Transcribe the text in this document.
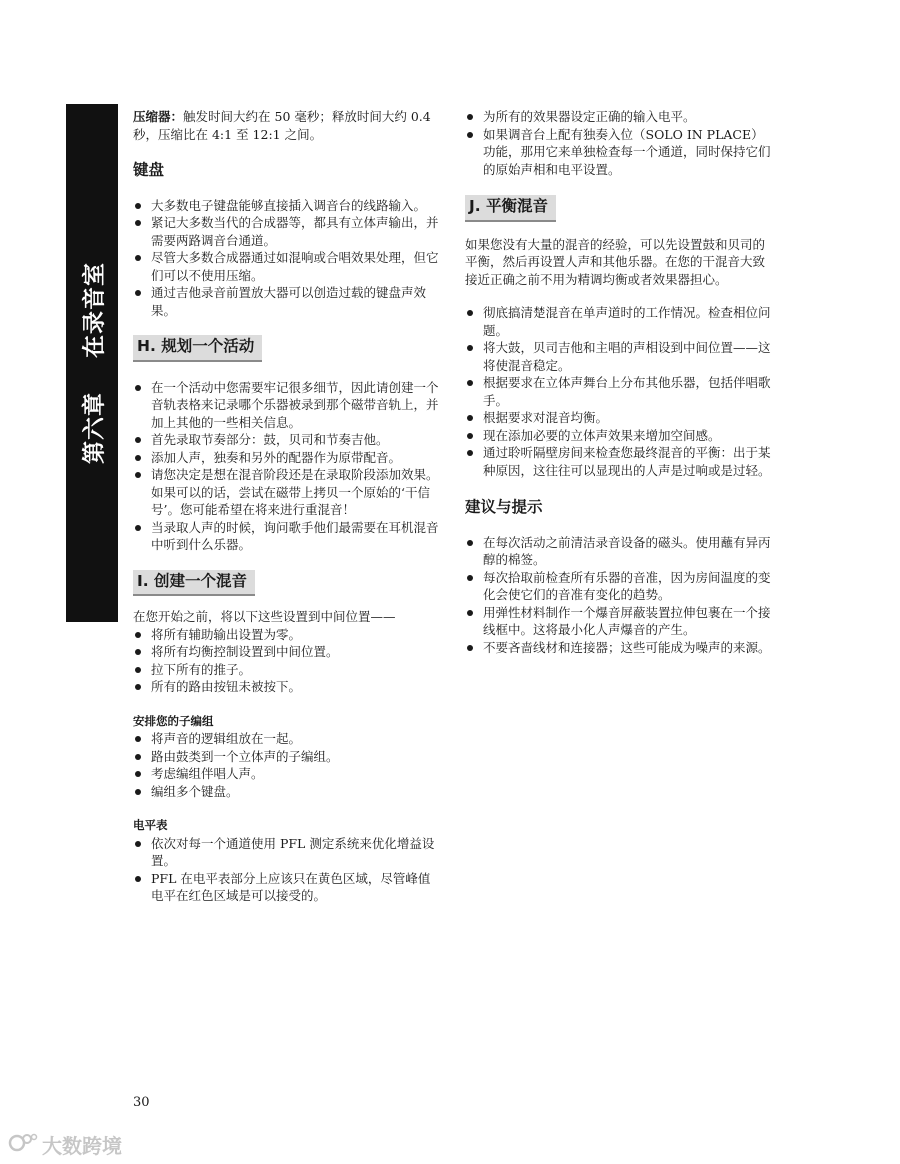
第六章在录音室

压缩器：触发时间大约在 50 毫秒；释放时间大约 0.4 秒，压缩比在 4:1 至 12:1 之间。

键盘
大多数电子键盘能够直接插入调音台的线路输入。
紧记大多数当代的合成器等，都具有立体声输出，并需要两路调音台通道。
尽管大多数合成器通过如混响或合唱效果处理，但它们可以不使用压缩。
通过吉他录音前置放大器可以创造过载的键盘声效果。
H. 规划一个活动
在一个活动中您需要牢记很多细节，因此请创建一个音轨表格来记录哪个乐器被录到那个磁带音轨上，并加上其他的一些相关信息。
首先录取节奏部分：鼓，贝司和节奏吉他。
添加人声，独奏和另外的配器作为原带配音。
请您决定是想在混音阶段还是在录取阶段添加效果。如果可以的话，尝试在磁带上拷贝一个原始的‘干信号’。您可能希望在将来进行重混音！
当录取人声的时候，询问歌手他们最需要在耳机混音中听到什么乐器。
I. 创建一个混音

在您开始之前，将以下这些设置到中间位置——

将所有辅助输出设置为零。
将所有均衡控制设置到中间位置。
拉下所有的推子。
所有的路由按钮未被按下。
安排您的子编组
将声音的逻辑组放在一起。
路由鼓类到一个立体声的子编组。
考虑编组伴唱人声。
编组多个键盘。
电平表
依次对每一个通道使用 PFL 测定系统来优化增益设置。
PFL 在电平表部分上应该只在黄色区域，尽管峰值电平在红色区域是可以接受的。
为所有的效果器设定正确的输入电平。
如果调音台上配有独奏入位（SOLO IN PLACE）功能，那用它来单独检查每一个通道，同时保持它们的原始声相和电平设置。
J. 平衡混音

如果您没有大量的混音的经验，可以先设置鼓和贝司的平衡，然后再设置人声和其他乐器。在您的干混音大致接近正确之前不用为精调均衡或者效果器担心。

彻底搞清楚混音在单声道时的工作情况。检查相位问题。
将大鼓，贝司吉他和主唱的声相设到中间位置——这将使混音稳定。
根据要求在立体声舞台上分布其他乐器，包括伴唱歌手。
根据要求对混音均衡。
现在添加必要的立体声效果来增加空间感。
通过聆听隔壁房间来检查您最终混音的平衡：出于某种原因，这往往可以显现出的人声是过响或是过轻。
建议与提示
在每次活动之前清洁录音设备的磁头。使用蘸有异丙醇的棉签。
每次拾取前检查所有乐器的音准，因为房间温度的变化会使它们的音准有变化的趋势。
用弹性材料制作一个爆音屏蔽装置拉伸包裹在一个接线框中。这将最小化人声爆音的产生。
不要吝啬线材和连接器；这些可能成为噪声的来源。
30
大数跨境
